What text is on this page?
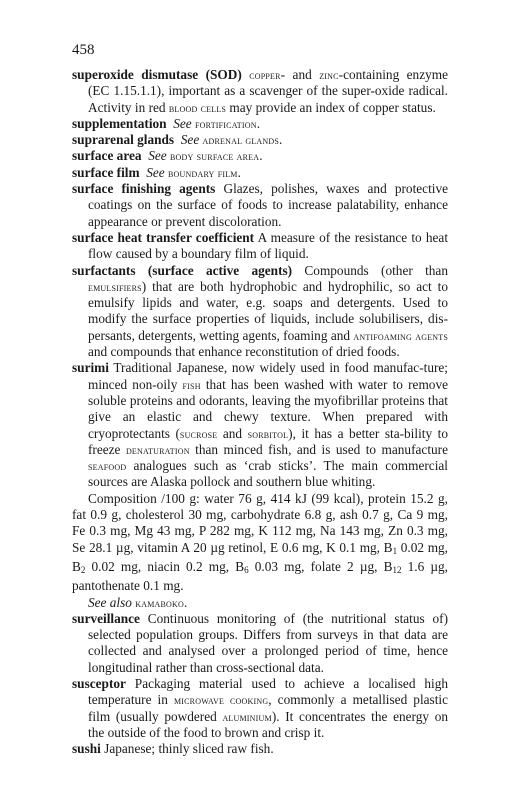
458

superoxide dismutase (SOD) copper- and zinc-containing enzyme (EC 1.15.1.1), important as a scavenger of the super-oxide radical. Activity in red blood cells may provide an index of copper status.

supplementation See fortification.

suprarenal glands See adrenal glands.

surface area See body surface area.

surface film See boundary film.

surface finishing agents Glazes, polishes, waxes and protective coatings on the surface of foods to increase palatability, enhance appearance or prevent discoloration.

surface heat transfer coefficient A measure of the resistance to heat flow caused by a boundary film of liquid.

surfactants (surface active agents) Compounds (other than emulsifiers) that are both hydrophobic and hydrophilic, so act to emulsify lipids and water, e.g. soaps and detergents. Used to modify the surface properties of liquids, include solubilisers, dis-persants, detergents, wetting agents, foaming and antifoaming agents and compounds that enhance reconstitution of dried foods.

surimi Traditional Japanese, now widely used in food manufac-ture; minced non-oily fish that has been washed with water to remove soluble proteins and odorants, leaving the myofibrillar proteins that give an elastic and chewy texture. When prepared with cryoprotectants (sucrose and sorbitol), it has a better sta-bility to freeze denaturation than minced fish, and is used to manufacture seafood analogues such as ‘crab sticks’. The main commercial sources are Alaska pollock and southern blue whiting.

Composition /100 g: water 76 g, 414 kJ (99 kcal), protein 15.2 g, fat 0.9 g, cholesterol 30 mg, carbohydrate 6.8 g, ash 0.7 g, Ca 9 mg, Fe 0.3 mg, Mg 43 mg, P 282 mg, K 112 mg, Na 143 mg, Zn 0.3 mg, Se 28.1 µg, vitamin A 20 µg retinol, E 0.6 mg, K 0.1 mg, $B_1$ 0.02 mg, $B_2$ 0.02 mg, niacin 0.2 mg, $B_6$ 0.03 mg, folate 2 µg, $B_{12}$ 1.6 µg, pantothenate 0.1 mg.

See also kamaboko.

surveillance Continuous monitoring of (the nutritional status of) selected population groups. Differs from surveys in that data are collected and analysed over a prolonged period of time, hence longitudinal rather than cross-sectional data.

susceptor Packaging material used to achieve a localised high temperature in microwave cooking, commonly a metallised plastic film (usually powdered aluminium). It concentrates the energy on the outside of the food to brown and crisp it.

sushi Japanese; thinly sliced raw fish.
